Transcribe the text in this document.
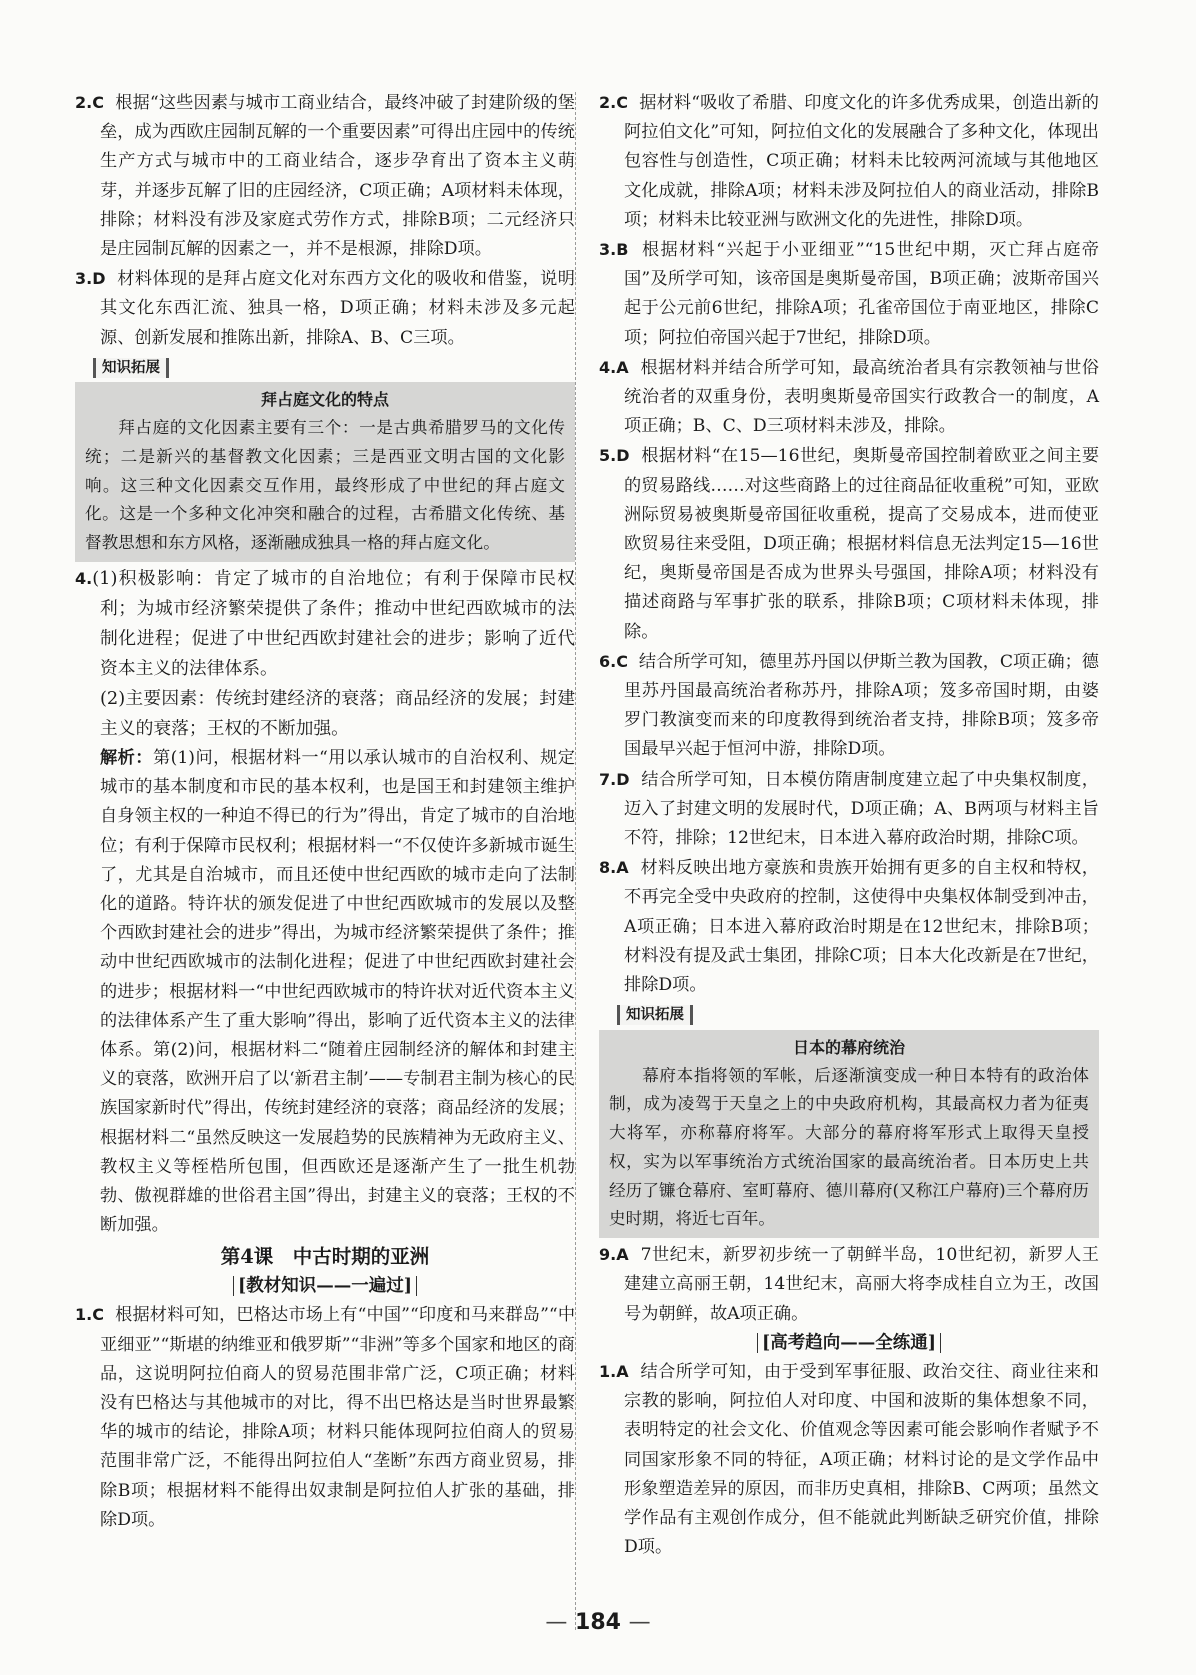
2.C 根据“这些因素与城市工商业结合，最终冲破了封建阶级的堡垒，成为西欧庄园制瓦解的一个重要因素”可得出庄园中的传统生产方式与城市中的工商业结合，逐步孕育出了资本主义萌芽，并逐步瓦解了旧的庄园经济，C项正确；A项材料未体现，排除；材料没有涉及家庭式劳作方式，排除B项；二元经济只是庄园制瓦解的因素之一，并不是根源，排除D项。

3.D 材料体现的是拜占庭文化对东西方文化的吸收和借鉴，说明其文化东西汇流、独具一格，D项正确；材料未涉及多元起源、创新发展和推陈出新，排除A、B、C三项。

知识拓展
拜占庭文化的特点
拜占庭的文化因素主要有三个：一是古典希腊罗马的文化传统；二是新兴的基督教文化因素；三是西亚文明古国的文化影响。这三种文化因素交互作用，最终形成了中世纪的拜占庭文化。这是一个多种文化冲突和融合的过程，古希腊文化传统、基督教思想和东方风格，逐渐融成独具一格的拜占庭文化。

4.(1)积极影响：肯定了城市的自治地位；有利于保障市民权利；为城市经济繁荣提供了条件；推动中世纪西欧城市的法制化进程；促进了中世纪西欧封建社会的进步；影响了近代资本主义的法律体系。

(2)主要因素：传统封建经济的衰落；商品经济的发展；封建主义的衰落；王权的不断加强。

解析：第(1)问，根据材料一“用以承认城市的自治权利、规定城市的基本制度和市民的基本权利，也是国王和封建领主维护自身领主权的一种迫不得已的行为”得出，肯定了城市的自治地位；有利于保障市民权利；根据材料一“不仅使许多新城市诞生了，尤其是自治城市，而且还使中世纪西欧的城市走向了法制化的道路。特许状的颁发促进了中世纪西欧城市的发展以及整个西欧封建社会的进步”得出，为城市经济繁荣提供了条件；推动中世纪西欧城市的法制化进程；促进了中世纪西欧封建社会的进步；根据材料一“中世纪西欧城市的特许状对近代资本主义的法律体系产生了重大影响”得出，影响了近代资本主义的法律体系。第(2)问，根据材料二“随着庄园制经济的解体和封建主义的衰落，欧洲开启了以‘新君主制’——专制君主制为核心的民族国家新时代”得出，传统封建经济的衰落；商品经济的发展；根据材料二“虽然反映这一发展趋势的民族精神为无政府主义、教权主义等桎梏所包围，但西欧还是逐渐产生了一批生机勃勃、傲视群雄的世俗君主国”得出，封建主义的衰落；王权的不断加强。

第4课　中古时期的亚洲
[教材知识——一遍过]

1.C 根据材料可知，巴格达市场上有“中国”“印度和马来群岛”“中亚细亚”“斯堪的纳维亚和俄罗斯”“非洲”等多个国家和地区的商品，这说明阿拉伯商人的贸易范围非常广泛，C项正确；材料没有巴格达与其他城市的对比，得不出巴格达是当时世界最繁华的城市的结论，排除A项；材料只能体现阿拉伯商人的贸易范围非常广泛，不能得出阿拉伯人“垄断”东西方商业贸易，排除B项；根据材料不能得出奴隶制是阿拉伯人扩张的基础，排除D项。

2.C 据材料“吸收了希腊、印度文化的许多优秀成果，创造出新的阿拉伯文化”可知，阿拉伯文化的发展融合了多种文化，体现出包容性与创造性，C项正确；材料未比较两河流域与其他地区文化成就，排除A项；材料未涉及阿拉伯人的商业活动，排除B项；材料未比较亚洲与欧洲文化的先进性，排除D项。

3.B 根据材料“兴起于小亚细亚”“15世纪中期，灭亡拜占庭帝国”及所学可知，该帝国是奥斯曼帝国，B项正确；波斯帝国兴起于公元前6世纪，排除A项；孔雀帝国位于南亚地区，排除C项；阿拉伯帝国兴起于7世纪，排除D项。

4.A 根据材料并结合所学可知，最高统治者具有宗教领袖与世俗统治者的双重身份，表明奥斯曼帝国实行政教合一的制度，A项正确；B、C、D三项材料未涉及，排除。

5.D 根据材料“在15—16世纪，奥斯曼帝国控制着欧亚之间主要的贸易路线……对这些商路上的过往商品征收重税”可知，亚欧洲际贸易被奥斯曼帝国征收重税，提高了交易成本，进而使亚欧贸易往来受阻，D项正确；根据材料信息无法判定15—16世纪，奥斯曼帝国是否成为世界头号强国，排除A项；材料没有描述商路与军事扩张的联系，排除B项；C项材料未体现，排除。

6.C 结合所学可知，德里苏丹国以伊斯兰教为国教，C项正确；德里苏丹国最高统治者称苏丹，排除A项；笈多帝国时期，由婆罗门教演变而来的印度教得到统治者支持，排除B项；笈多帝国最早兴起于恒河中游，排除D项。

7.D 结合所学可知，日本模仿隋唐制度建立起了中央集权制度，迈入了封建文明的发展时代，D项正确；A、B两项与材料主旨不符，排除；12世纪末，日本进入幕府政治时期，排除C项。

8.A 材料反映出地方豪族和贵族开始拥有更多的自主权和特权，不再完全受中央政府的控制，这使得中央集权体制受到冲击，A项正确；日本进入幕府政治时期是在12世纪末，排除B项；材料没有提及武士集团，排除C项；日本大化改新是在7世纪，排除D项。

知识拓展
日本的幕府统治
幕府本指将领的军帐，后逐渐演变成一种日本特有的政治体制，成为凌驾于天皇之上的中央政府机构，其最高权力者为征夷大将军，亦称幕府将军。大部分的幕府将军形式上取得天皇授权，实为以军事统治方式统治国家的最高统治者。日本历史上共经历了镰仓幕府、室町幕府、德川幕府(又称江户幕府)三个幕府历史时期，将近七百年。

9.A 7世纪末，新罗初步统一了朝鲜半岛，10世纪初，新罗人王建建立高丽王朝，14世纪末，高丽大将李成桂自立为王，改国号为朝鲜，故A项正确。

[高考趋向——全练通]

1.A 结合所学可知，由于受到军事征服、政治交往、商业往来和宗教的影响，阿拉伯人对印度、中国和波斯的集体想象不同，表明特定的社会文化、价值观念等因素可能会影响作者赋予不同国家形象不同的特征，A项正确；材料讨论的是文学作品中形象塑造差异的原因，而非历史真相，排除B、C两项；虽然文学作品有主观创作成分，但不能就此判断缺乏研究价值，排除D项。

— 184 —
